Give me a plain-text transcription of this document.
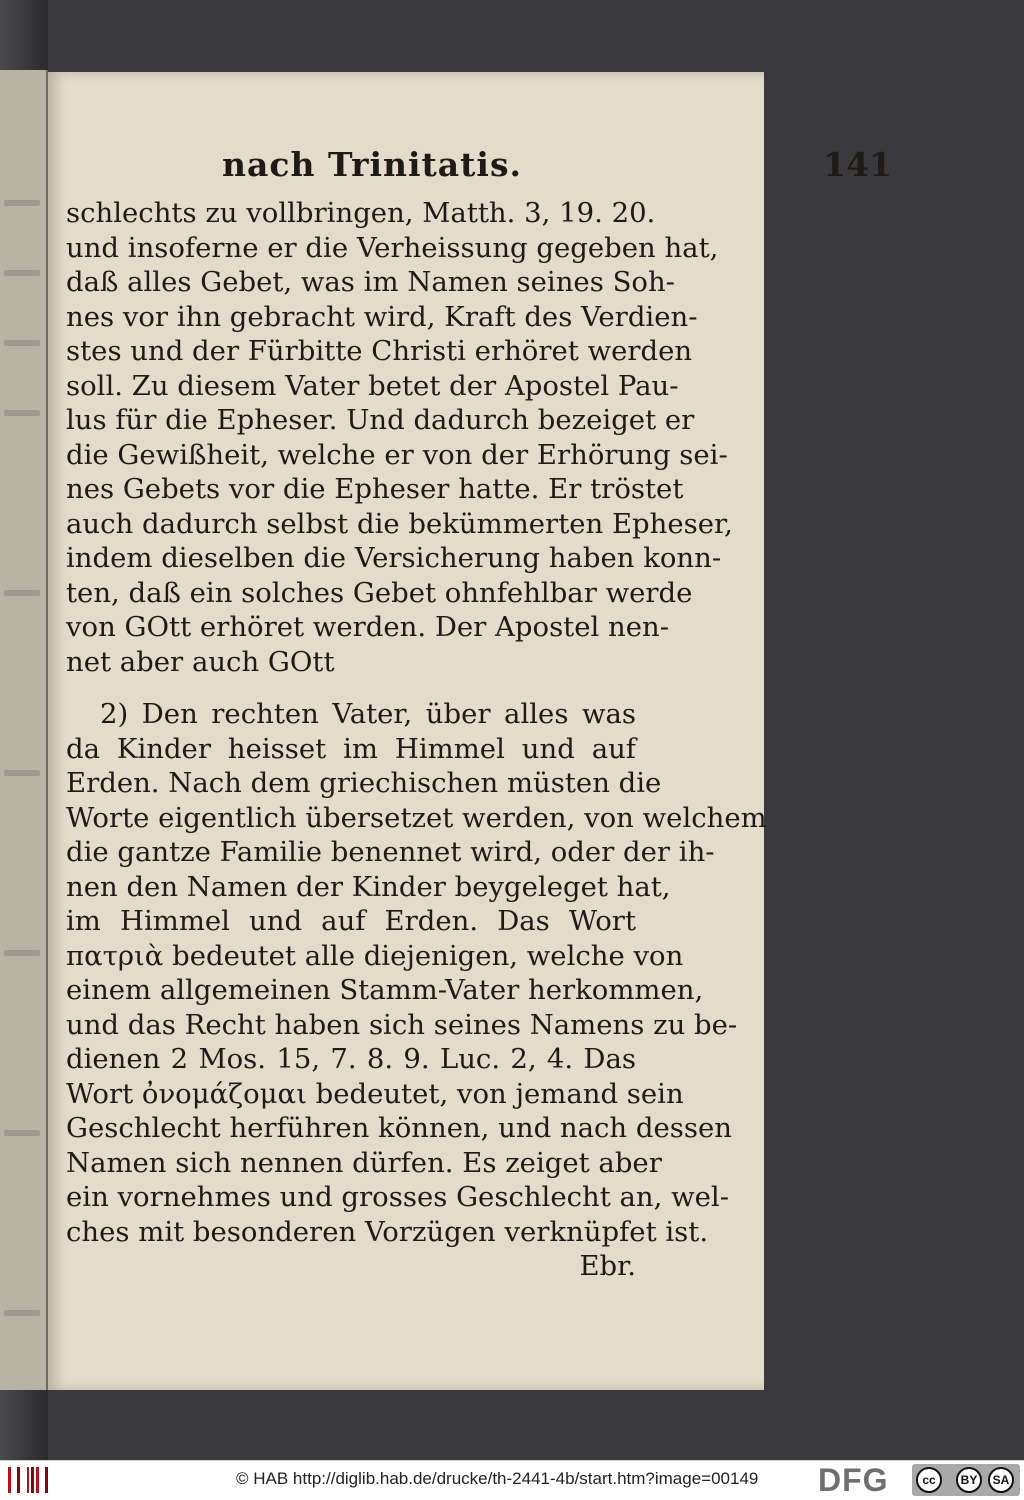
nach Trinitatis.	141
schlechts zu vollbringen, Matth. 3, 19. 20.
und insoferne er die Verheissung gegeben hat,
daß alles Gebet, was im Namen seines Soh-
nes vor ihn gebracht wird, Kraft des Verdien-
stes und der Fürbitte Christi erhöret werden
soll. Zu diesem Vater betet der Apostel Pau-
lus für die Epheser. Und dadurch bezeiget er
die Gewißheit, welche er von der Erhörung sei-
nes Gebets vor die Epheser hatte. Er tröstet
auch dadurch selbst die bekümmerten Epheser,
indem dieselben die Versicherung haben konn-
ten, daß ein solches Gebet ohnfehlbar werde
von GOtt erhöret werden. Der Apostel nen-
net aber auch GOtt
2) Den rechten Vater, über alles was
da Kinder heisset im Himmel und auf
Erden. Nach dem griechischen müsten die
Worte eigentlich übersetzet werden, von welchem
die gantze Familie benennet wird, oder der ih-
nen den Namen der Kinder beygeleget hat,
im Himmel und auf Erden. Das Wort
πατριὰ bedeutet alle diejenigen, welche von
einem allgemeinen Stamm-Vater herkommen,
und das Recht haben sich seines Namens zu be-
dienen 2 Mos. 15, 7. 8. 9. Luc. 2, 4. Das
Wort ὀνομάζομαι bedeutet, von jemand sein
Geschlecht herführen können, und nach dessen
Namen sich nennen dürfen. Es zeiget aber
ein vornehmes und grosses Geschlecht an, wel-
ches mit besonderen Vorzügen verknüpfet ist.
Ebr.
© HAB http://diglib.hab.de/drucke/th-2441-4b/start.htm?image=00149 DFG	cc	BY	SA
